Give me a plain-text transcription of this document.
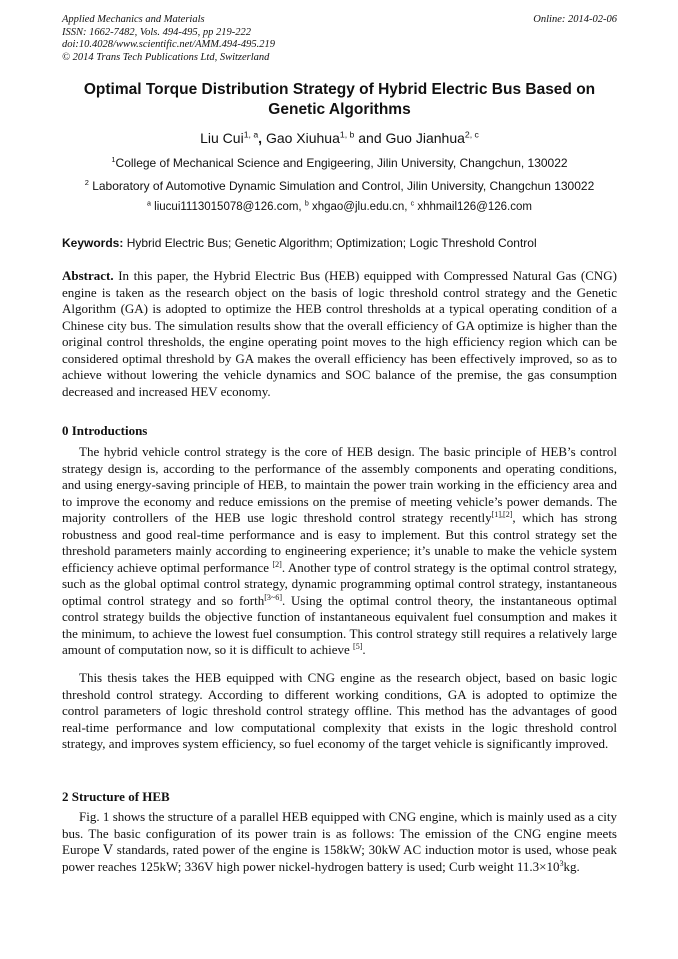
Applied Mechanics and Materials
ISSN: 1662-7482, Vols. 494-495, pp 219-222
doi:10.4028/www.scientific.net/AMM.494-495.219
© 2014 Trans Tech Publications Ltd, Switzerland
Online: 2014-02-06
Optimal Torque Distribution Strategy of Hybrid Electric Bus Based on Genetic Algorithms
Liu Cui$^{1, a}$, Gao Xiuhua$^{1, b}$ and Guo Jianhua$^{2, c}$
$^1$College of Mechanical Science and Engigeering, Jilin University, Changchun, 130022
$^2$ Laboratory of Automotive Dynamic Simulation and Control, Jilin University, Changchun 130022
$^a$ liucui1113015078@126.com, $^b$ xhgao@jlu.edu.cn, $^c$ xhhmail126@126.com
Keywords: Hybrid Electric Bus; Genetic Algorithm; Optimization; Logic Threshold Control
Abstract. In this paper, the Hybrid Electric Bus (HEB) equipped with Compressed Natural Gas (CNG) engine is taken as the research object on the basis of logic threshold control strategy and the Genetic Algorithm (GA) is adopted to optimize the HEB control thresholds at a typical operating condition of a Chinese city bus. The simulation results show that the overall efficiency of GA optimize is higher than the original control thresholds, the engine operating point moves to the high efficiency region which can be considered optimal threshold by GA makes the overall efficiency has been effectively improved, so as to achieve without lowering the vehicle dynamics and SOC balance of the premise, the gas consumption decreased and increased HEV economy.
0 Introductions
The hybrid vehicle control strategy is the core of HEB design. The basic principle of HEB’s control strategy design is, according to the performance of the assembly components and operating conditions, and using energy-saving principle of HEB, to maintain the power train working in the efficiency area and to improve the economy and reduce emissions on the premise of meeting vehicle’s power demands. The majority controllers of the HEB use logic threshold control strategy recently[1],[2], which has strong robustness and good real-time performance and is easy to implement. But this control strategy set the threshold parameters mainly according to engineering experience; it’s unable to make the vehicle system efficiency achieve optimal performance [2]. Another type of control strategy is the optimal control strategy, such as the global optimal control strategy, dynamic programming optimal control strategy, instantaneous optimal control strategy and so forth[3~6]. Using the optimal control theory, the instantaneous optimal control strategy builds the objective function of instantaneous equivalent fuel consumption and makes it the minimum, to achieve the lowest fuel consumption. This control strategy still requires a relatively large amount of computation now, so it is difficult to achieve [5].
This thesis takes the HEB equipped with CNG engine as the research object, based on basic logic threshold control strategy. According to different working conditions, GA is adopted to optimize the control parameters of logic threshold control strategy offline. This method has the advantages of good real-time performance and low computational complexity that exists in the logic threshold control strategy, and improves system efficiency, so fuel economy of the target vehicle is significantly improved.
2 Structure of HEB
Fig. 1 shows the structure of a parallel HEB equipped with CNG engine, which is mainly used as a city bus. The basic configuration of its power train is as follows: The emission of the CNG engine meets Europe Ⅴ standards, rated power of the engine is 158kW; 30kW AC induction motor is used, whose peak power reaches 125kW; 336V high power nickel-hydrogen battery is used; Curb weight $11.3\times 10^3kg$.
